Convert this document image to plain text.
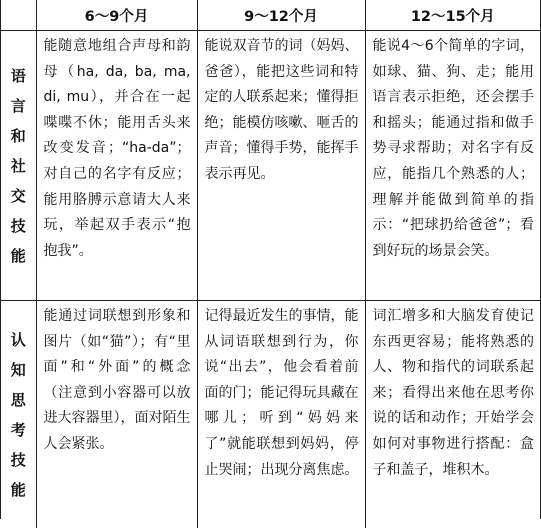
	6～9个月	9～12个月	12～15个月
语言和社交技能	能随意地组合声母和韵母（ha, da, ba, ma, di, mu），并合在一起喋喋不休；能用舌头来改变发音；“ha-da”；对自己的名字有反应；能用胳膊示意请大人来玩，举起双手表示“抱抱我”。	能说双音节的词（妈妈、爸爸），能把这些词和特定的人联系起来；懂得拒绝；能模仿咳嗽、咂舌的声音；懂得手势，能挥手表示再见。	能说4～6个简单的字词，如球、猫、狗、走；能用语言表示拒绝，还会摆手和摇头；能通过指和做手势寻求帮助；对名字有反应，能指几个熟悉的人；理解并能做到简单的指示：“把球扔给爸爸”；看到好玩的场景会笑。
认知思考技能	能通过词联想到形象和图片（如“猫”）；有“里面”和“外面”的概念（注意到小容器可以放进大容器里），面对陌生人会紧张。	记得最近发生的事情，能从词语联想到行为，你说“出去”，他会看着前面的门；能记得玩具藏在哪儿；听到“妈妈来了”就能联想到妈妈，停止哭闹；出现分离焦虑。	词汇增多和大脑发育使记东西更容易；能将熟悉的人、物和指代的词联系起来；看得出来他在思考你说的话和动作；开始学会如何对事物进行搭配：盒子和盖子，堆积木。
